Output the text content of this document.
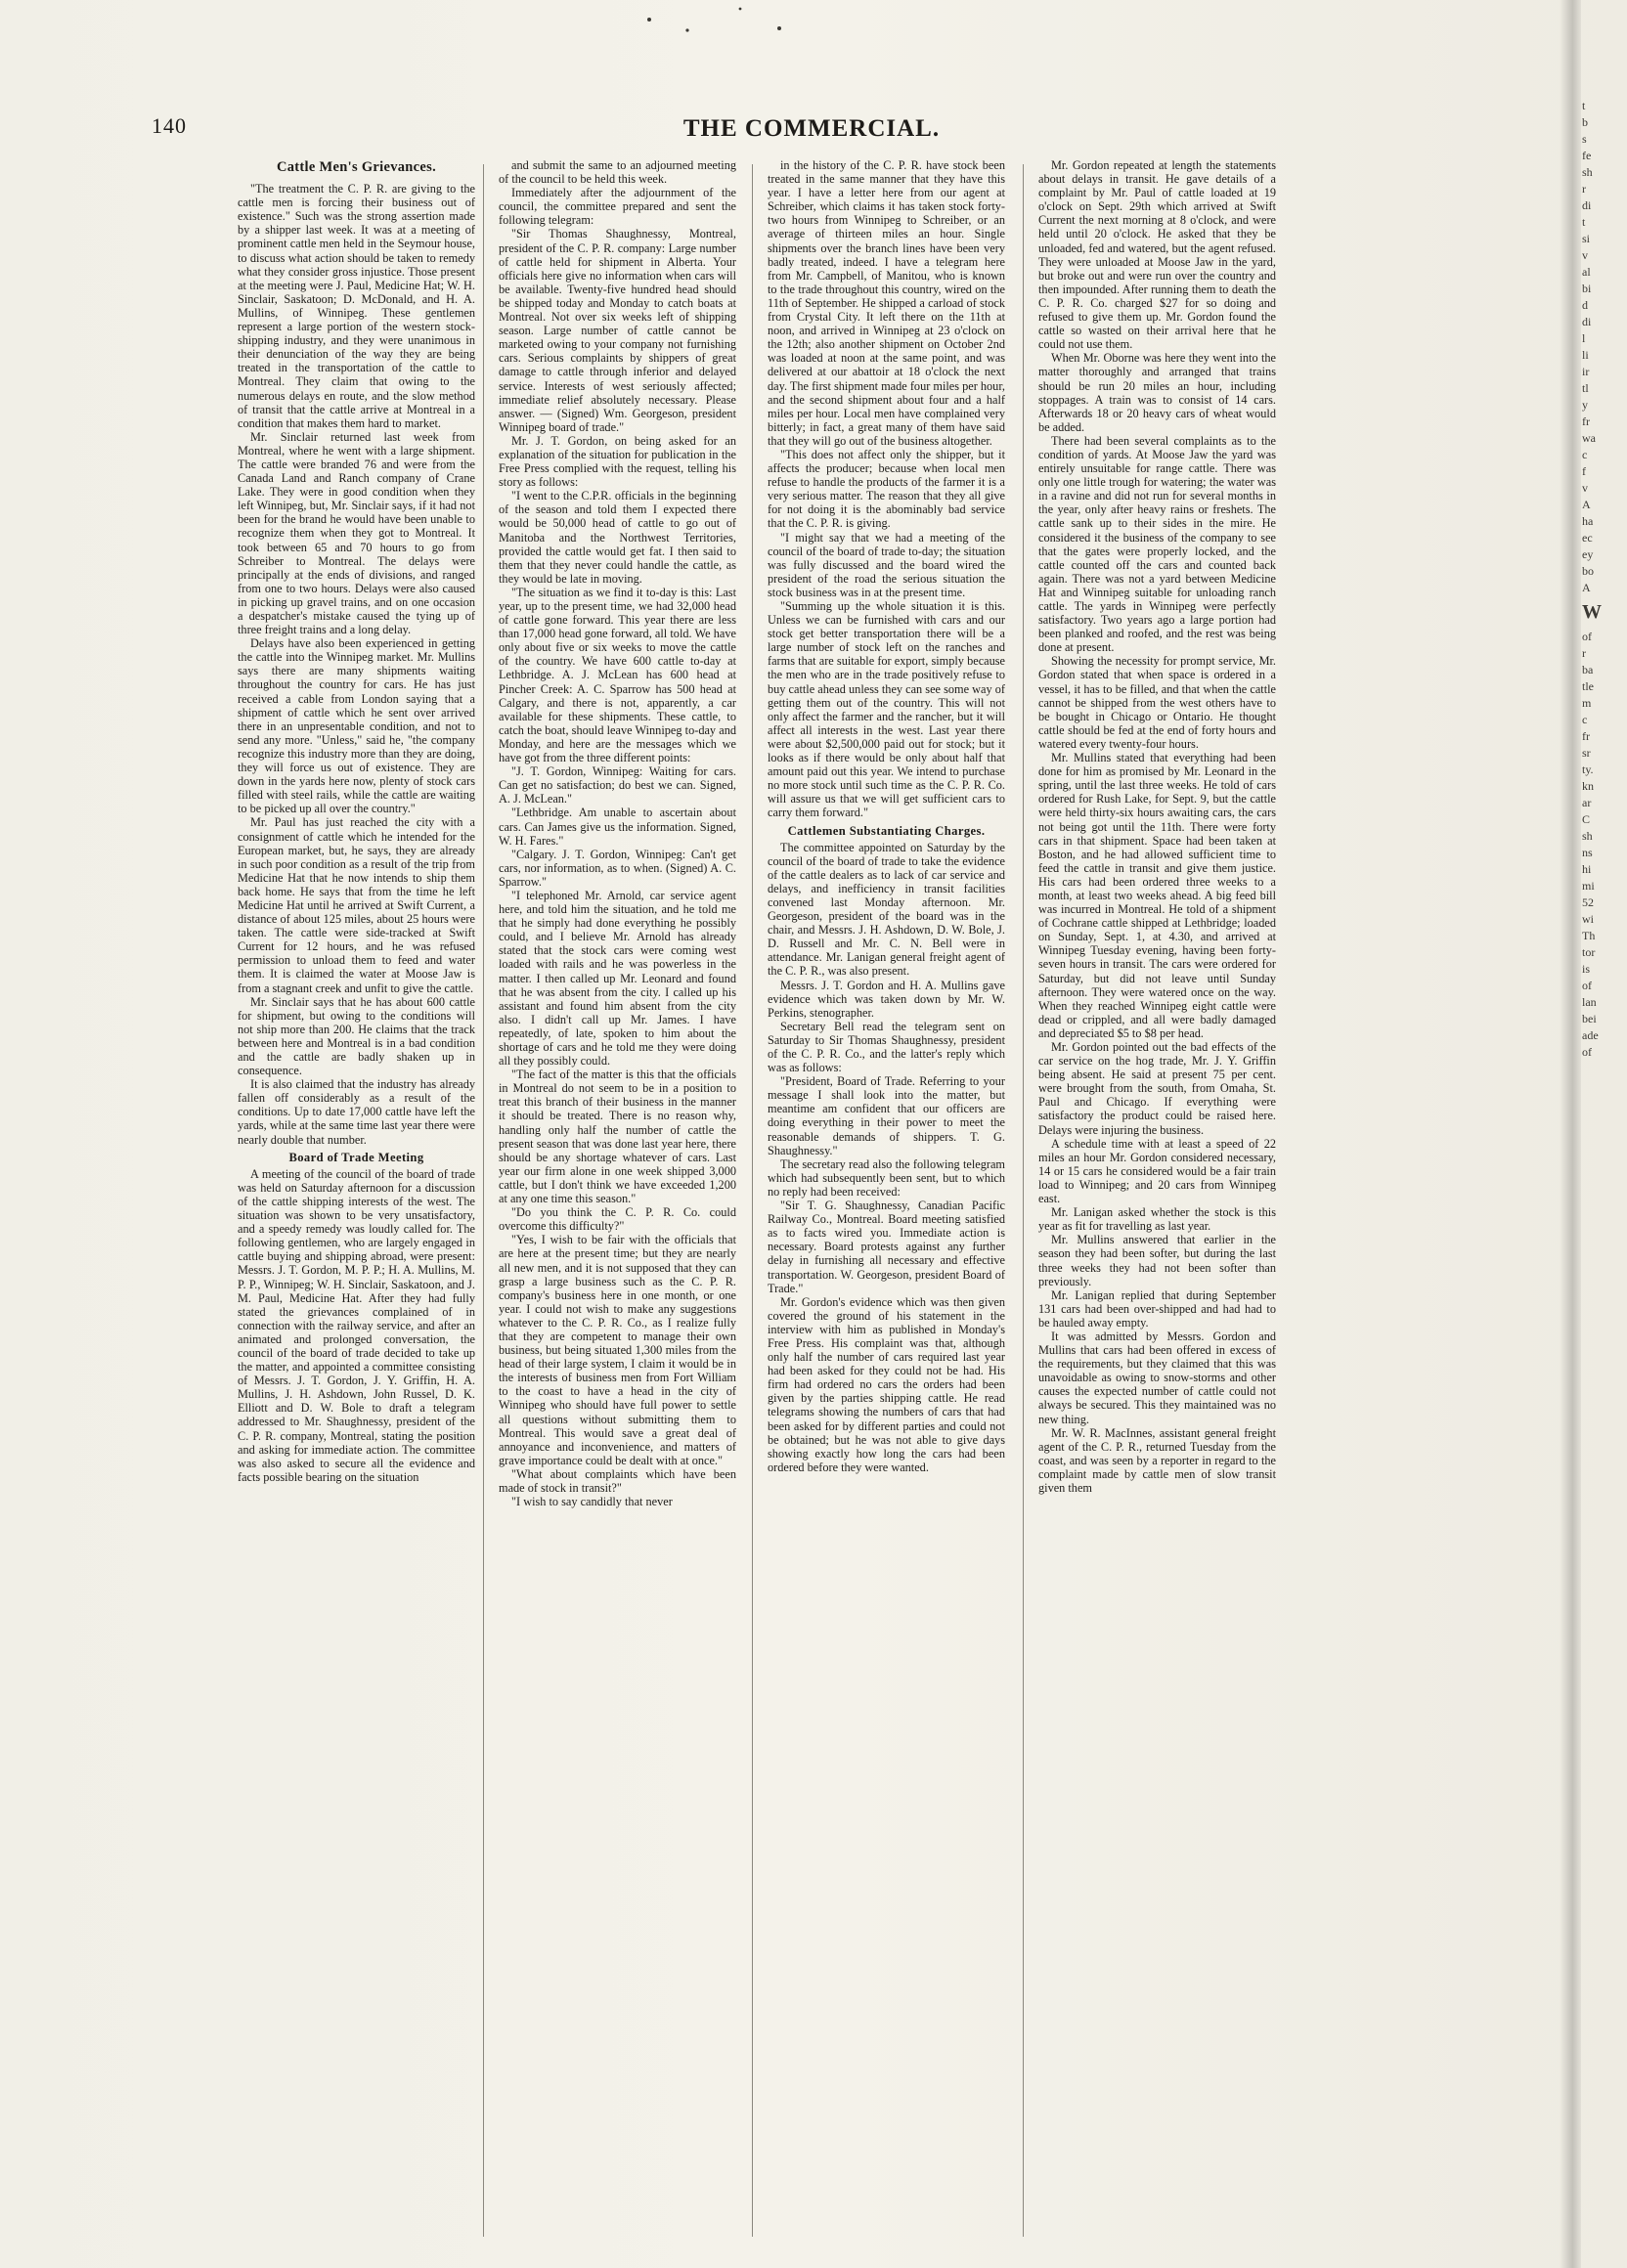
140	THE COMMERCIAL.
Cattle Men's Grievances.

"The treatment the C. P. R. are giving to the cattle men is forcing their business out of existence." Such was the strong assertion made by a shipper last week. It was at a meeting of prominent cattle men held in the Seymour house, to discuss what action should be taken to remedy what they consider gross injustice. Those present at the meeting were J. Paul, Medicine Hat; W. H. Sinclair, Saskatoon; D. McDonald, and H. A. Mullins, of Winnipeg. These gentlemen represent a large portion of the western stock-shipping industry, and they were unanimous in their denunciation of the way they are being treated in the transportation of the cattle to Montreal. They claim that owing to the numerous delays en route, and the slow method of transit that the cattle arrive at Montreal in a condition that makes them hard to market.

Mr. Sinclair returned last week from Montreal, where he went with a large shipment. The cattle were branded 76 and were from the Canada Land and Ranch company of Crane Lake. They were in good condition when they left Winnipeg, but, Mr. Sinclair says, if it had not been for the brand he would have been unable to recognize them when they got to Montreal. It took between 65 and 70 hours to go from Schreiber to Montreal. The delays were principally at the ends of divisions, and ranged from one to two hours. Delays were also caused in picking up gravel trains, and on one occasion a despatcher's mistake caused the tying up of three freight trains and a long delay.

Delays have also been experienced in getting the cattle into the Winnipeg market. Mr. Mullins says there are many shipments waiting throughout the country for cars. He has just received a cable from London saying that a shipment of cattle which he sent over arrived there in an unpresentable condition, and not to send any more. "Unless," said he, "the company recognize this industry more than they are doing, they will force us out of existence. They are down in the yards here now, plenty of stock cars filled with steel rails, while the cattle are waiting to be picked up all over the country."

Mr. Paul has just reached the city with a consignment of cattle which he intended for the European market, but, he says, they are already in such poor condition as a result of the trip from Medicine Hat that he now intends to ship them back home. He says that from the time he left Medicine Hat until he arrived at Swift Current, a distance of about 125 miles, about 25 hours were taken. The cattle were side-tracked at Swift Current for 12 hours, and he was refused permission to unload them to feed and water them. It is claimed the water at Moose Jaw is from a stagnant creek and unfit to give the cattle.

Mr. Sinclair says that he has about 600 cattle for shipment, but owing to the conditions will not ship more than 200. He claims that the track between here and Montreal is in a bad condition and the cattle are badly shaken up in consequence.

It is also claimed that the industry has already fallen off considerably as a result of the conditions. Up to date 17,000 cattle have left the yards, while at the same time last year there were nearly double that number.

Board of Trade Meeting

A meeting of the council of the board of trade was held on Saturday afternoon for a discussion of the cattle shipping interests of the west. The situation was shown to be very unsatisfactory, and a speedy remedy was loudly called for. The following gentlemen, who are largely engaged in cattle buying and shipping abroad, were present: Messrs. J. T. Gordon, M. P. P.; H. A. Mullins, M. P. P., Winnipeg; W. H. Sinclair, Saskatoon, and J. M. Paul, Medicine Hat. After they had fully stated the grievances complained of in connection with the railway service, and after an animated and prolonged conversation, the council of the board of trade decided to take up the matter, and appointed a committee consisting of Messrs. J. T. Gordon, J. Y. Griffin, H. A. Mullins, J. H. Ashdown, John Russel, D. K. Elliott and D. W. Bole to draft a telegram addressed to Mr. Shaughnessy, president of the C. P. R. company, Montreal, stating the position and asking for immediate action. The committee was also asked to secure all the evidence and facts possible bearing on the situation

and submit the same to an adjourned meeting of the council to be held this week.

Immediately after the adjournment of the council, the committee prepared and sent the following telegram:

"Sir Thomas Shaughnessy, Montreal, president of the C. P. R. company: Large number of cattle held for shipment in Alberta. Your officials here give no information when cars will be available. Twenty-five hundred head should be shipped today and Monday to catch boats at Montreal. Not over six weeks left of shipping season. Large number of cattle cannot be marketed owing to your company not furnishing cars. Serious complaints by shippers of great damage to cattle through inferior and delayed service. Interests of west seriously affected; immediate relief absolutely necessary. Please answer. — (Signed) Wm. Georgeson, president Winnipeg board of trade."

Mr. J. T. Gordon, on being asked for an explanation of the situation for publication in the Free Press complied with the request, telling his story as follows:

"I went to the C.P.R. officials in the beginning of the season and told them I expected there would be 50,000 head of cattle to go out of Manitoba and the Northwest Territories, provided the cattle would get fat. I then said to them that they never could handle the cattle, as they would be late in moving.

"The situation as we find it to-day is this: Last year, up to the present time, we had 32,000 head of cattle gone forward. This year there are less than 17,000 head gone forward, all told. We have only about five or six weeks to move the cattle of the country. We have 600 cattle to-day at Lethbridge. A. J. McLean has 600 head at Pincher Creek: A. C. Sparrow has 500 head at Calgary, and there is not, apparently, a car available for these shipments. These cattle, to catch the boat, should leave Winnipeg to-day and Monday, and here are the messages which we have got from the three different points:

"J. T. Gordon, Winnipeg: Waiting for cars. Can get no satisfaction; do best we can. Signed, A. J. McLean."

"Lethbridge. Am unable to ascertain about cars. Can James give us the information. Signed, W. H. Fares."

"Calgary. J. T. Gordon, Winnipeg: Can't get cars, nor information, as to when. (Signed) A. C. Sparrow."

"I telephoned Mr. Arnold, car service agent here, and told him the situation, and he told me that he simply had done everything he possibly could, and I believe Mr. Arnold has already stated that the stock cars were coming west loaded with rails and he was powerless in the matter. I then called up Mr. Leonard and found that he was absent from the city. I called up his assistant and found him absent from the city also. I didn't call up Mr. James. I have repeatedly, of late, spoken to him about the shortage of cars and he told me they were doing all they possibly could.

"The fact of the matter is this that the officials in Montreal do not seem to be in a position to treat this branch of their business in the manner it should be treated. There is no reason why, handling only half the number of cattle the present season that was done last year here, there should be any shortage whatever of cars. Last year our firm alone in one week shipped 3,000 cattle, but I don't think we have exceeded 1,200 at any one time this season."

"Do you think the C. P. R. Co. could overcome this difficulty?"

"Yes, I wish to be fair with the officials that are here at the present time; but they are nearly all new men, and it is not supposed that they can grasp a large business such as the C. P. R. company's business here in one month, or one year. I could not wish to make any suggestions whatever to the C. P. R. Co., as I realize fully that they are competent to manage their own business, but being situated 1,300 miles from the head of their large system, I claim it would be in the interests of business men from Fort William to the coast to have a head in the city of Winnipeg who should have full power to settle all questions without submitting them to Montreal. This would save a great deal of annoyance and inconvenience, and matters of grave importance could be dealt with at once."

"What about complaints which have been made of stock in transit?"

"I wish to say candidly that never

in the history of the C. P. R. have stock been treated in the same manner that they have this year. I have a letter here from our agent at Schreiber, which claims it has taken stock forty-two hours from Winnipeg to Schreiber, or an average of thirteen miles an hour. Single shipments over the branch lines have been very badly treated, indeed. I have a telegram here from Mr. Campbell, of Manitou, who is known to the trade throughout this country, wired on the 11th of September. He shipped a carload of stock from Crystal City. It left there on the 11th at noon, and arrived in Winnipeg at 23 o'clock on the 12th; also another shipment on October 2nd was loaded at noon at the same point, and was delivered at our abattoir at 18 o'clock the next day. The first shipment made four miles per hour, and the second shipment about four and a half miles per hour. Local men have complained very bitterly; in fact, a great many of them have said that they will go out of the business altogether.

"This does not affect only the shipper, but it affects the producer; because when local men refuse to handle the products of the farmer it is a very serious matter. The reason that they all give for not doing it is the abominably bad service that the C. P. R. is giving.

"I might say that we had a meeting of the council of the board of trade to-day; the situation was fully discussed and the board wired the president of the road the serious situation the stock business was in at the present time.

"Summing up the whole situation it is this. Unless we can be furnished with cars and our stock get better transportation there will be a large number of stock left on the ranches and farms that are suitable for export, simply because the men who are in the trade positively refuse to buy cattle ahead unless they can see some way of getting them out of the country. This will not only affect the farmer and the rancher, but it will affect all interests in the west. Last year there were about $2,500,000 paid out for stock; but it looks as if there would be only about half that amount paid out this year. We intend to purchase no more stock until such time as the C. P. R. Co. will assure us that we will get sufficient cars to carry them forward."

Cattlemen Substantiating Charges.

The committee appointed on Saturday by the council of the board of trade to take the evidence of the cattle dealers as to lack of car service and delays, and inefficiency in transit facilities convened last Monday afternoon. Mr. Georgeson, president of the board was in the chair, and Messrs. J. H. Ashdown, D. W. Bole, J. D. Russell and Mr. C. N. Bell were in attendance. Mr. Lanigan general freight agent of the C. P. R., was also present.

Messrs. J. T. Gordon and H. A. Mullins gave evidence which was taken down by Mr. W. Perkins, stenographer.

Secretary Bell read the telegram sent on Saturday to Sir Thomas Shaughnessy, president of the C. P. R. Co., and the latter's reply which was as follows:

"President, Board of Trade. Referring to your message I shall look into the matter, but meantime am confident that our officers are doing everything in their power to meet the reasonable demands of shippers. T. G. Shaughnessy."

The secretary read also the following telegram which had subsequently been sent, but to which no reply had been received:

"Sir T. G. Shaughnessy, Canadian Pacific Railway Co., Montreal. Board meeting satisfied as to facts wired you. Immediate action is necessary. Board protests against any further delay in furnishing all necessary and effective transportation. W. Georgeson, president Board of Trade."

Mr. Gordon's evidence which was then given covered the ground of his statement in the interview with him as published in Monday's Free Press. His complaint was that, although only half the number of cars required last year had been asked for they could not be had. His firm had ordered no cars the orders had been given by the parties shipping cattle. He read telegrams showing the numbers of cars that had been asked for by different parties and could not be obtained; but he was not able to give days showing exactly how long the cars had been ordered before they were wanted.

Mr. Gordon repeated at length the statements about delays in transit. He gave details of a complaint by Mr. Paul of cattle loaded at 19 o'clock on Sept. 29th which arrived at Swift Current the next morning at 8 o'clock, and were held until 20 o'clock. He asked that they be unloaded, fed and watered, but the agent refused. They were unloaded at Moose Jaw in the yard, but broke out and were run over the country and then impounded. After running them to death the C. P. R. Co. charged $27 for so doing and refused to give them up. Mr. Gordon found the cattle so wasted on their arrival here that he could not use them.

When Mr. Oborne was here they went into the matter thoroughly and arranged that trains should be run 20 miles an hour, including stoppages. A train was to consist of 14 cars. Afterwards 18 or 20 heavy cars of wheat would be added.

There had been several complaints as to the condition of yards. At Moose Jaw the yard was entirely unsuitable for range cattle. There was only one little trough for watering; the water was in a ravine and did not run for several months in the year, only after heavy rains or freshets. The cattle sank up to their sides in the mire. He considered it the business of the company to see that the gates were properly locked, and the cattle counted off the cars and counted back again. There was not a yard between Medicine Hat and Winnipeg suitable for unloading ranch cattle. The yards in Winnipeg were perfectly satisfactory. Two years ago a large portion had been planked and roofed, and the rest was being done at present.

Showing the necessity for prompt service, Mr. Gordon stated that when space is ordered in a vessel, it has to be filled, and that when the cattle cannot be shipped from the west others have to be bought in Chicago or Ontario. He thought cattle should be fed at the end of forty hours and watered every twenty-four hours.

Mr. Mullins stated that everything had been done for him as promised by Mr. Leonard in the spring, until the last three weeks. He told of cars ordered for Rush Lake, for Sept. 9, but the cattle were held thirty-six hours awaiting cars, the cars not being got until the 11th. There were forty cars in that shipment. Space had been taken at Boston, and he had allowed sufficient time to feed the cattle in transit and give them justice. His cars had been ordered three weeks to a month, at least two weeks ahead. A big feed bill was incurred in Montreal. He told of a shipment of Cochrane cattle shipped at Lethbridge; loaded on Sunday, Sept. 1, at 4.30, and arrived at Winnipeg Tuesday evening, having been forty-seven hours in transit. The cars were ordered for Saturday, but did not leave until Sunday afternoon. They were watered once on the way. When they reached Winnipeg eight cattle were dead or crippled, and all were badly damaged and depreciated $5 to $8 per head.

Mr. Gordon pointed out the bad effects of the car service on the hog trade, Mr. J. Y. Griffin being absent. He said at present 75 per cent. were brought from the south, from Omaha, St. Paul and Chicago. If everything were satisfactory the product could be raised here. Delays were injuring the business.

A schedule time with at least a speed of 22 miles an hour Mr. Gordon considered necessary, 14 or 15 cars he considered would be a fair train load to Winnipeg; and 20 cars from Winnipeg east.

Mr. Lanigan asked whether the stock is this year as fit for travelling as last year.

Mr. Mullins answered that earlier in the season they had been softer, but during the last three weeks they had not been softer than previously.

Mr. Lanigan replied that during September 131 cars had been over-shipped and had had to be hauled away empty.

It was admitted by Messrs. Gordon and Mullins that cars had been offered in excess of the requirements, but they claimed that this was unavoidable as owing to snow-storms and other causes the expected number of cattle could not always be secured. This they maintained was no new thing.

Mr. W. R. MacInnes, assistant general freight agent of the C. P. R., returned Tuesday from the coast, and was seen by a reporter in regard to the complaint made by cattle men of slow transit given them

t
b
s
fe
sh
r
di
t
si
v
al
bi
d
di
l
li
ir
tl
y
fr
wa
c
f
v
A
ha
ec
ey
bo
A
W
of
r
ba
tle
m
c
fr
sr
ty.
kn
ar
C
sh
ns
hi
mi
52
wi
Th
tor
is
of
lan
bei
ade
of
